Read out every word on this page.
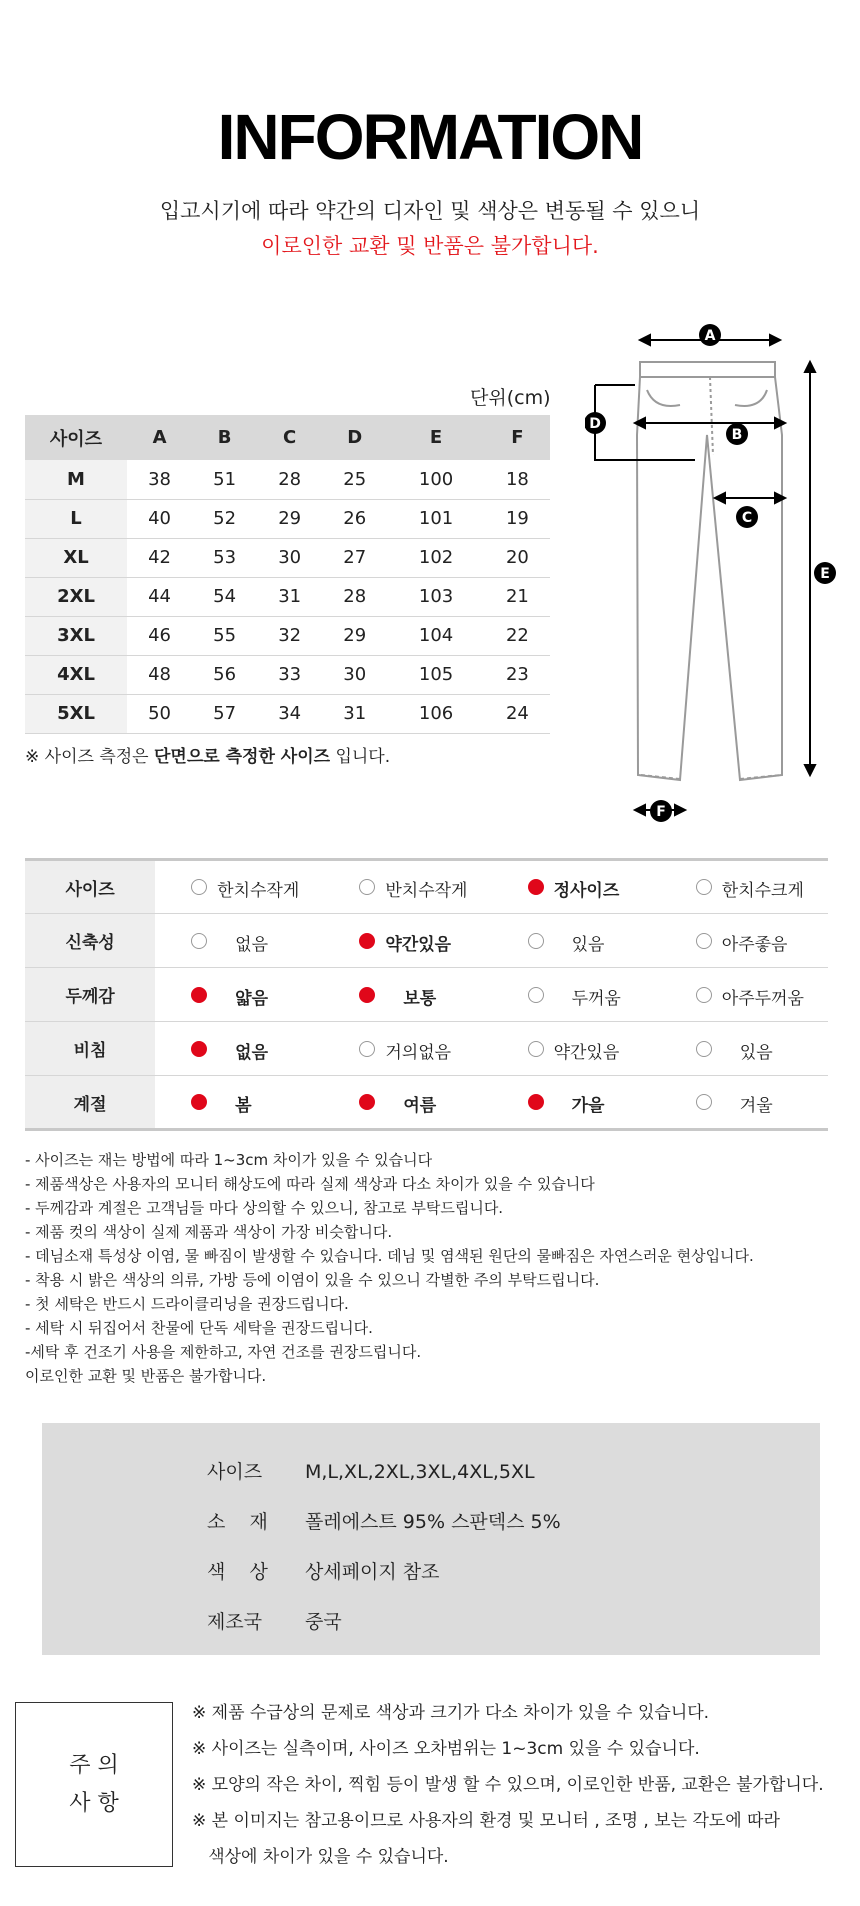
INFORMATION
입고시기에 따라 약간의 디자인 및 색상은 변동될 수 있으니
이로인한 교환 및 반품은 불가합니다.
단위(cm)
사이즈	A	B	C	D	E	F
M	38	51	28	25	100	18
L	40	52	29	26	101	19
XL	42	53	30	27	102	20
2XL	44	54	31	28	103	21
3XL	46	55	32	29	104	22
4XL	48	56	33	30	105	23
5XL	50	57	34	31	106	24
※ 사이즈 측정은 단면으로 측정한 사이즈 입니다.
A
B
C
D
E
F
사이즈	한치수작게	반치수작게	정사이즈	한치수크게

신축성	없음	약간있음	있음	아주좋음

두께감	얇음	보통	두꺼움	아주두꺼움

비침	없음	거의없음	약간있음	있음

계절	봄	여름	가을	겨울
- 사이즈는 재는 방법에 따라 1~3cm 차이가 있을 수 있습니다
- 제품색상은 사용자의 모니터 해상도에 따라 실제 색상과 다소 차이가 있을 수 있습니다
- 두께감과 계절은 고객님들 마다 상의할 수 있으니, 참고로 부탁드립니다.
- 제품 컷의 색상이 실제 제품과 색상이 가장 비슷합니다.
- 데님소재 특성상 이염, 물 빠짐이 발생할 수 있습니다. 데님 및 염색된 원단의 물빠짐은 자연스러운 현상입니다.
- 착용 시 밝은 색상의 의류, 가방 등에 이염이 있을 수 있으니 각별한 주의 부탁드립니다.
- 첫 세탁은 반드시 드라이클리닝을 권장드립니다.
- 세탁 시 뒤집어서 찬물에 단독 세탁을 권장드립니다.
-세탁 후 건조기 사용을 제한하고, 자연 건조를 권장드립니다.
이로인한 교환 및 반품은 불가합니다.
사이즈 M,L,XL,2XL,3XL,4XL,5XL
소    재 폴레에스트 95% 스판덱스 5%
색    상 상세페이지 참조
제조국 중국
주 의
사 항
※ 제품 수급상의 문제로 색상과 크기가 다소 차이가 있을 수 있습니다.
※ 사이즈는 실측이며, 사이즈 오차범위는 1~3cm 있을 수 있습니다.
※ 모양의 작은 차이, 찍힘 등이 발생 할 수 있으며, 이로인한 반품, 교환은 불가합니다.
※ 본 이미지는 참고용이므로 사용자의 환경 및 모니터 , 조명 , 보는 각도에 따라
색상에 차이가 있을 수 있습니다.
